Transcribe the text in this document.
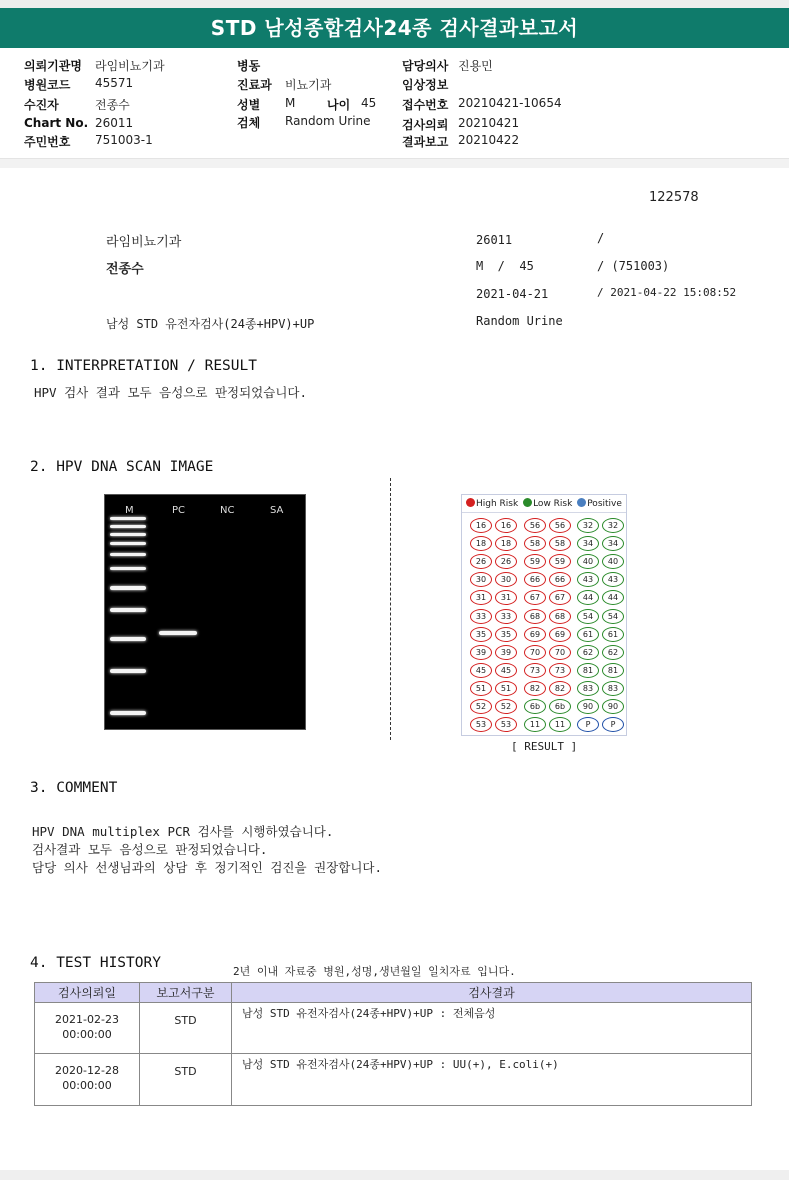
STD 남성종합검사24종 검사결과보고서
의뢰기관명 라임비뇨기과
병원코드 45571
수진자	전종수
Chart No. 26011
주민번호 751003-1
병동
진료과 비뇨기과
성별 M	나이 45
검체 Random Urine
담당의사 진용민
임상정보
접수번호 20210421-10654
검사의뢰 20210421
결과보고 20210422
122578
라임비뇨기과
전종수
남성 STD 유전자검사(24종+HPV)+UP
26011	/
M  /  45	/ (751003)
2021-04-21	/ 2021-04-22 15:08:52
Random Urine
1. INTERPRETATION / RESULT
HPV 검사 결과 모두 음성으로 판정되었습니다.
2. HPV DNA SCAN IMAGE
M	PC	NC	SA
High Risk Low Risk Positive
16	16	56	56	32	32
18	18	58	58	34	34
26	26	59	59	40	40
30	30	66	66	43	43
31	31	67	67	44	44
33	33	68	68	54	54
35	35	69	69	61	61
39	39	70	70	62	62
45	45	73	73	81	81
51	51	82	82	83	83
52	52	6b	6b	90	90
53	53	11	11	P	P
[ RESULT ]
3. COMMENT
HPV DNA multiplex PCR 검사를 시행하였습니다.
검사결과 모두 음성으로 판정되었습니다.
담당 의사 선생님과의 상담 후 정기적인 검진을 권장합니다.
4. TEST HISTORY
2년 이내 자료중 병원,성명,생년월일 일치자료 입니다.
검사의뢰일	보고서구분	검사결과

2021-02-23
00:00:00	STD	남성 STD 유전자검사(24종+HPV)+UP : 전체음성

2020-12-28
00:00:00	STD	남성 STD 유전자검사(24종+HPV)+UP : UU(+), E.coli(+)
